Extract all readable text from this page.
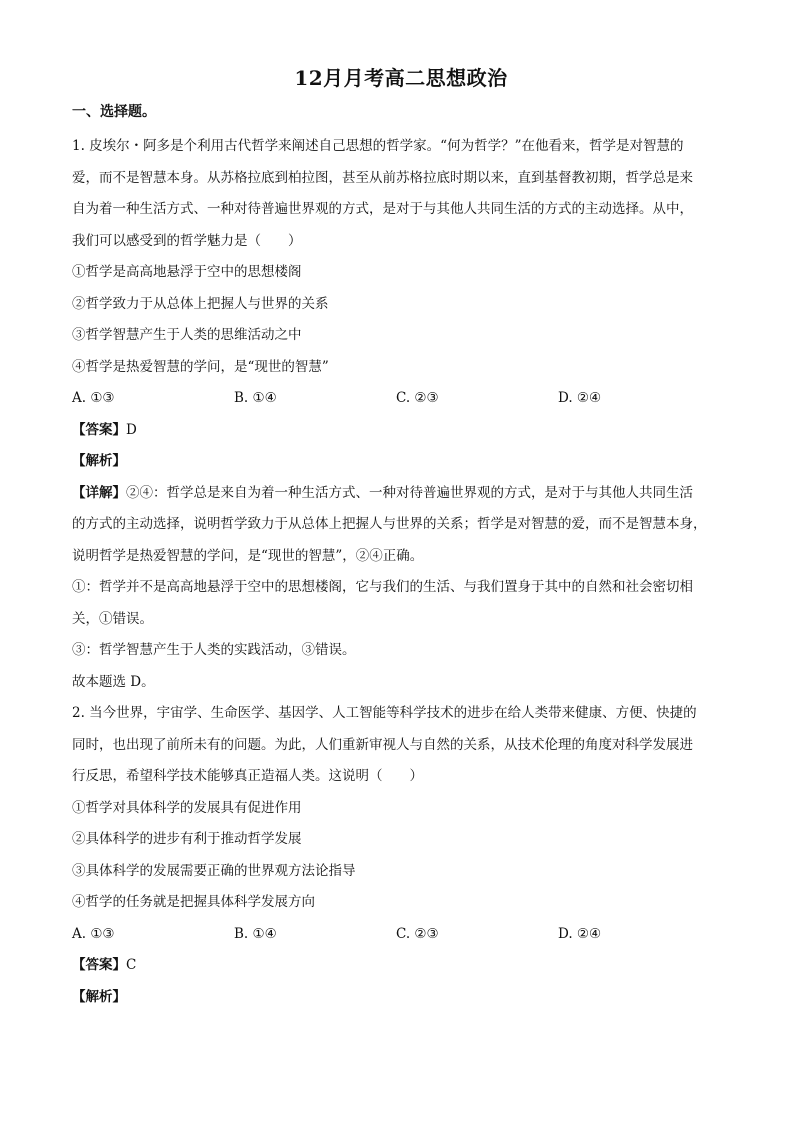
12月月考高二思想政治
一、选择题。
1. 皮埃尔・阿多是个利用古代哲学来阐述自己思想的哲学家。“何为哲学？”在他看来，哲学是对智慧的
爱，而不是智慧本身。从苏格拉底到柏拉图，甚至从前苏格拉底时期以来，直到基督教初期，哲学总是来
自为着一种生活方式、一种对待普遍世界观的方式，是对于与其他人共同生活的方式的主动选择。从中，
我们可以感受到的哲学魅力是（　　）
①哲学是高高地悬浮于空中的思想楼阁
②哲学致力于从总体上把握人与世界的关系
③哲学智慧产生于人类的思维活动之中
④哲学是热爱智慧的学问，是“现世的智慧”
A. ①③	B. ①④	C. ②③	D. ②④
【答案】D
【解析】
【详解】②④：哲学总是来自为着一种生活方式、一种对待普遍世界观的方式，是对于与其他人共同生活
的方式的主动选择，说明哲学致力于从总体上把握人与世界的关系；哲学是对智慧的爱，而不是智慧本身，
说明哲学是热爱智慧的学问，是“现世的智慧”，②④正确。
①：哲学并不是高高地悬浮于空中的思想楼阁，它与我们的生活、与我们置身于其中的自然和社会密切相
关，①错误。
③：哲学智慧产生于人类的实践活动，③错误。
故本题选 D。
2. 当今世界，宇宙学、生命医学、基因学、人工智能等科学技术的进步在给人类带来健康、方便、快捷的
同时，也出现了前所未有的问题。为此，人们重新审视人与自然的关系，从技术伦理的角度对科学发展进
行反思，希望科学技术能够真正造福人类。这说明（　　）
①哲学对具体科学的发展具有促进作用
②具体科学的进步有利于推动哲学发展
③具体科学的发展需要正确的世界观方法论指导
④哲学的任务就是把握具体科学发展方向
A. ①③	B. ①④	C. ②③	D. ②④
【答案】C
【解析】
